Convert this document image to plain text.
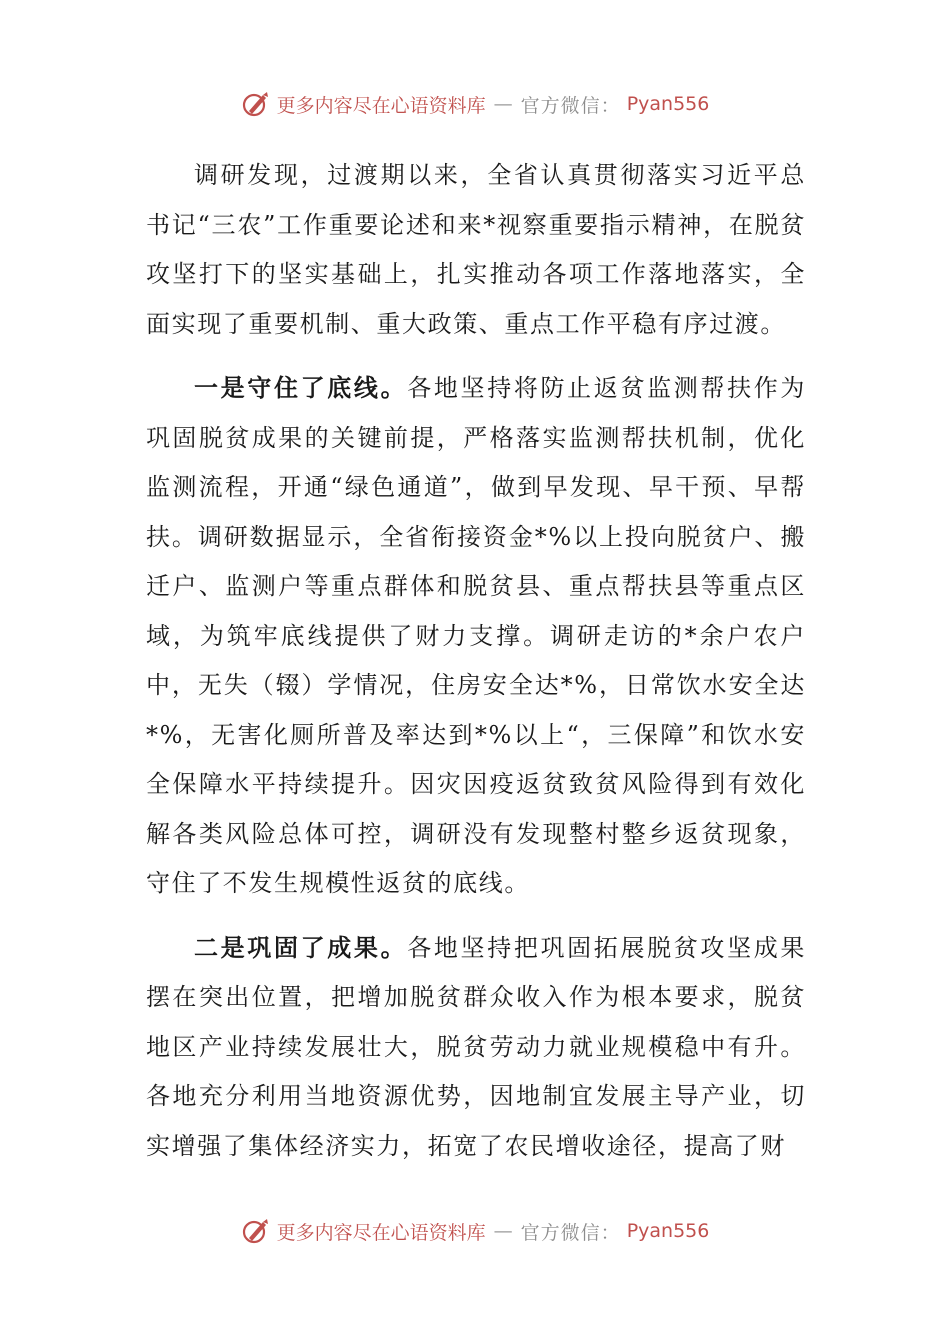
更多内容尽在心语资料库 — 官方微信： Pyan556

调研发现，过渡期以来，全省认真贯彻落实习近平总书记“三农”工作重要论述和来*视察重要指示精神，在脱贫攻坚打下的坚实基础上，扎实推动各项工作落地落实，全面实现了重要机制、重大政策、重点工作平稳有序过渡。

一是守住了底线。各地坚持将防止返贫监测帮扶作为巩固脱贫成果的关键前提，严格落实监测帮扶机制，优化监测流程，开通“绿色通道”，做到早发现、早干预、早帮扶。调研数据显示，全省衔接资金*%以上投向脱贫户、搬迁户、监测户等重点群体和脱贫县、重点帮扶县等重点区域，为筑牢底线提供了财力支撑。调研走访的*余户农户中，无失（辍）学情况，住房安全达*%，日常饮水安全达*%，无害化厕所普及率达到*%以上“，三保障”和饮水安全保障水平持续提升。因灾因疫返贫致贫风险得到有效化解各类风险总体可控，调研没有发现整村整乡返贫现象，守住了不发生规模性返贫的底线。

二是巩固了成果。各地坚持把巩固拓展脱贫攻坚成果摆在突出位置，把增加脱贫群众收入作为根本要求，脱贫地区产业持续发展壮大，脱贫劳动力就业规模稳中有升。各地充分利用当地资源优势，因地制宜发展主导产业，切实增强了集体经济实力，拓宽了农民增收途径，提高了财

更多内容尽在心语资料库 — 官方微信： Pyan556
